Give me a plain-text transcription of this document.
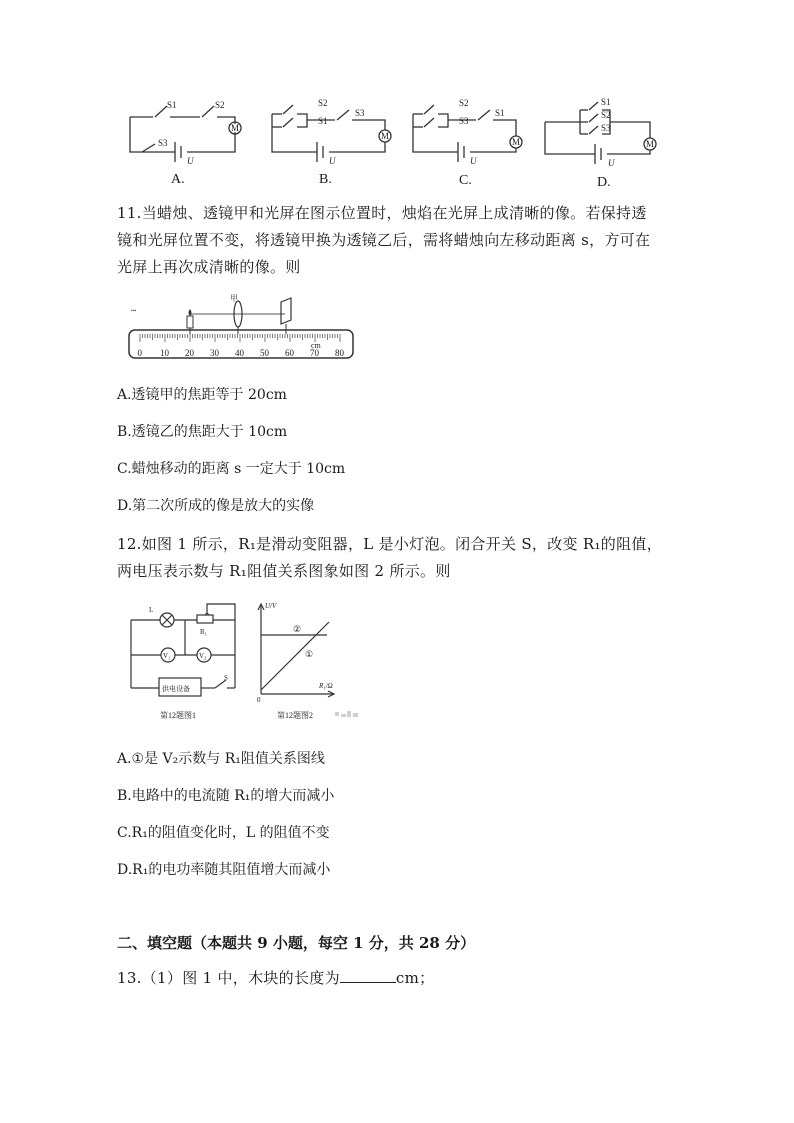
S1	S2
S3
M
U
S2
S1
S3
M
U
S2
S3
S1
M
U
S1
S2
S3
M
U
A.	B.	C.	D.
11.当蜡烛、透镜甲和光屏在图示位置时，烛焰在光屏上成清晰的像。若保持透
镜和光屏位置不变，将透镜甲换为透镜乙后，需将蜡烛向左移动距离 s，方可在
光屏上再次成清晰的像。则
甲
▪▪▪
0 10 20 30 40 50 60 70 80
cm
A.透镜甲的焦距等于 20cm
B.透镜乙的焦距大于 10cm
C.蜡烛移动的距离 s 一定大于 10cm
D.第二次所成的像是放大的实像
12.如图 1 所示，R₁是滑动变阻器，L 是小灯泡。闭合开关 S，改变 R₁的阻值，
两电压表示数与 R₁阻值关系图象如图 2 所示。则
L
R₁
V₁	V₂
供电设备
S
第12题图1
U/V
R₁/Ω
0
②
①
第12题图2
A.①是 V₂示数与 R₁阻值关系图线
B.电路中的电流随 R₁的增大而减小
C.R₁的阻值变化时，L 的阻值不变
D.R₁的电功率随其阻值增大而减小
二、填空题（本题共 9 小题，每空 1 分，共 28 分）
13.（1）图 1 中，木块的长度为	cm；
